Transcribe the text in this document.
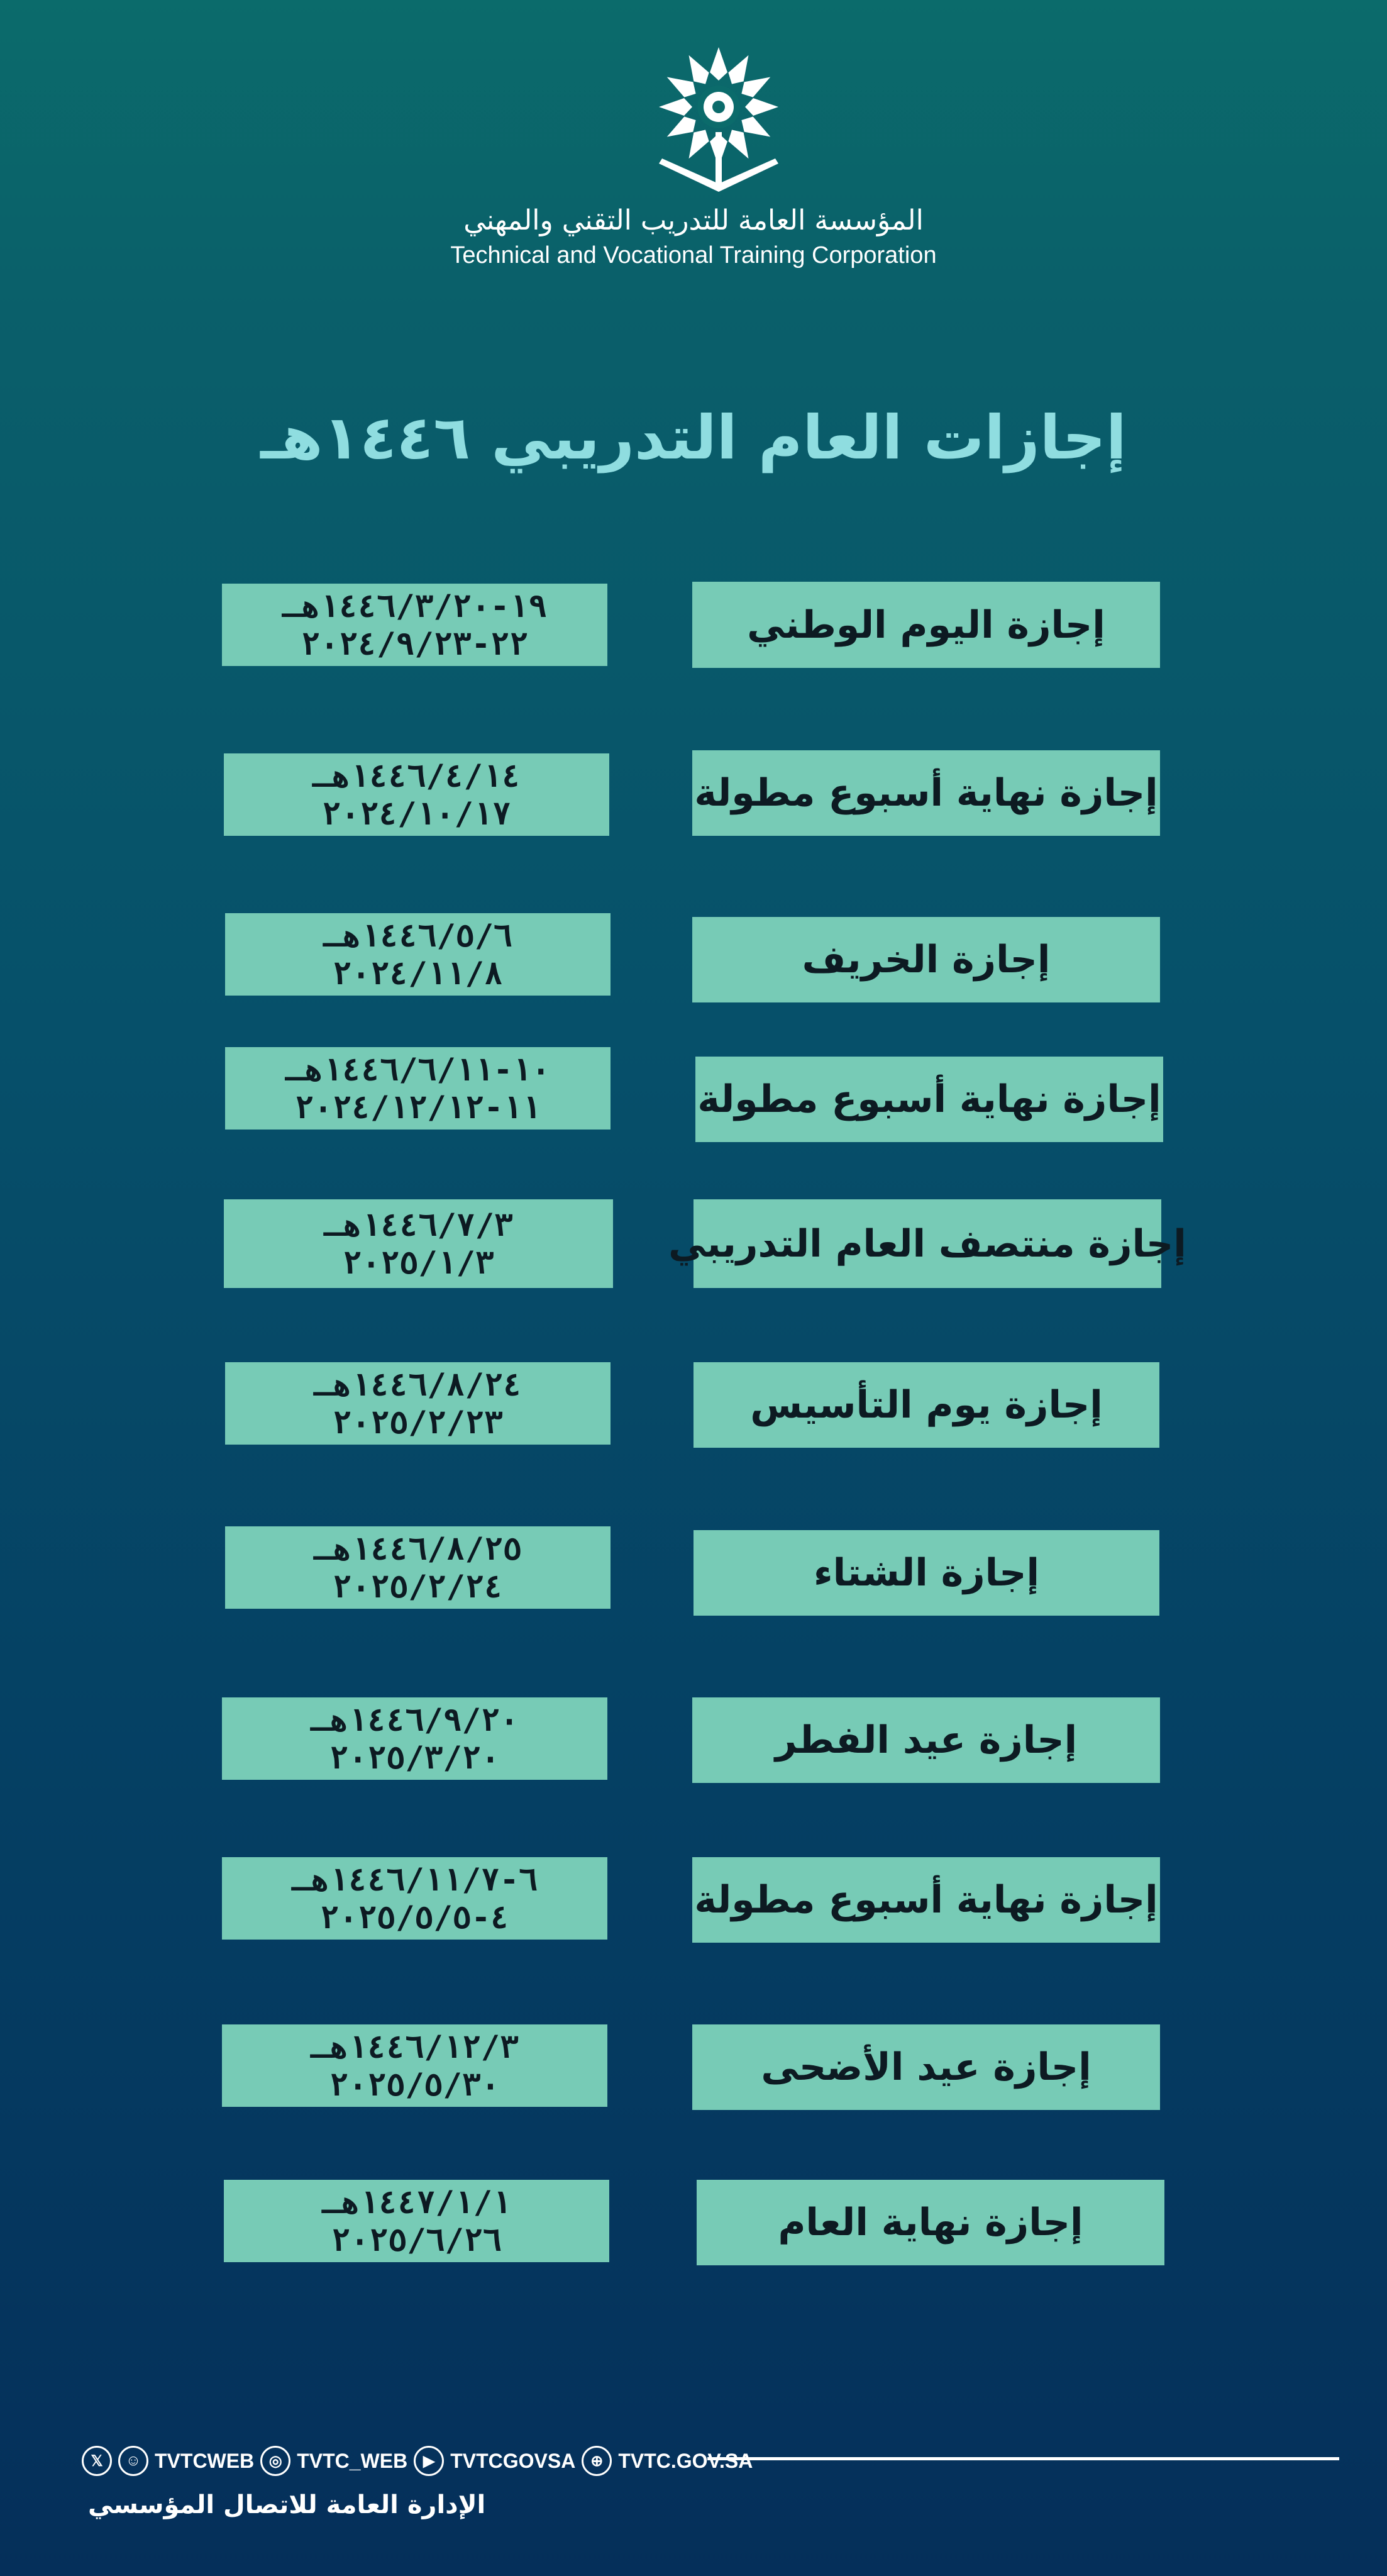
المؤسسة العامة للتدريب التقني والمهني
Technical and Vocational Training Corporation
إجازات العام التدريبي ١٤٤٦هـ
إجازة اليوم الوطني
١٩-١٤٤٦/٣/٢٠هـ
٢٢-٢٠٢٤/٩/٢٣
إجازة نهاية أسبوع مطولة
١٤٤٦/٤/١٤هـ
٢٠٢٤/١٠/١٧
إجازة الخريف
١٤٤٦/٥/٦هـ
٢٠٢٤/١١/٨
إجازة نهاية أسبوع مطولة
١٠-١٤٤٦/٦/١١هـ
١١-٢٠٢٤/١٢/١٢
إجازة منتصف العام التدريبي
١٤٤٦/٧/٣هـ
٢٠٢٥/١/٣
إجازة يوم التأسيس
١٤٤٦/٨/٢٤هـ
٢٠٢٥/٢/٢٣
إجازة الشتاء
١٤٤٦/٨/٢٥هـ
٢٠٢٥/٢/٢٤
إجازة عيد الفطر
١٤٤٦/٩/٢٠هـ
٢٠٢٥/٣/٢٠
إجازة نهاية أسبوع مطولة
٦-١٤٤٦/١١/٧هـ
٤-٢٠٢٥/٥/٥
إجازة عيد الأضحى
١٤٤٦/١٢/٣هـ
٢٠٢٥/٥/٣٠
إجازة نهاية العام
١٤٤٧/١/١هـ
٢٠٢٥/٦/٢٦
𝕏	☺ TVTCWEB ◎ TVTC_WEB	▶ TVTCGOVSA ⊕ TVTC.GOV.SA
الإدارة العامة للاتصال المؤسسي
